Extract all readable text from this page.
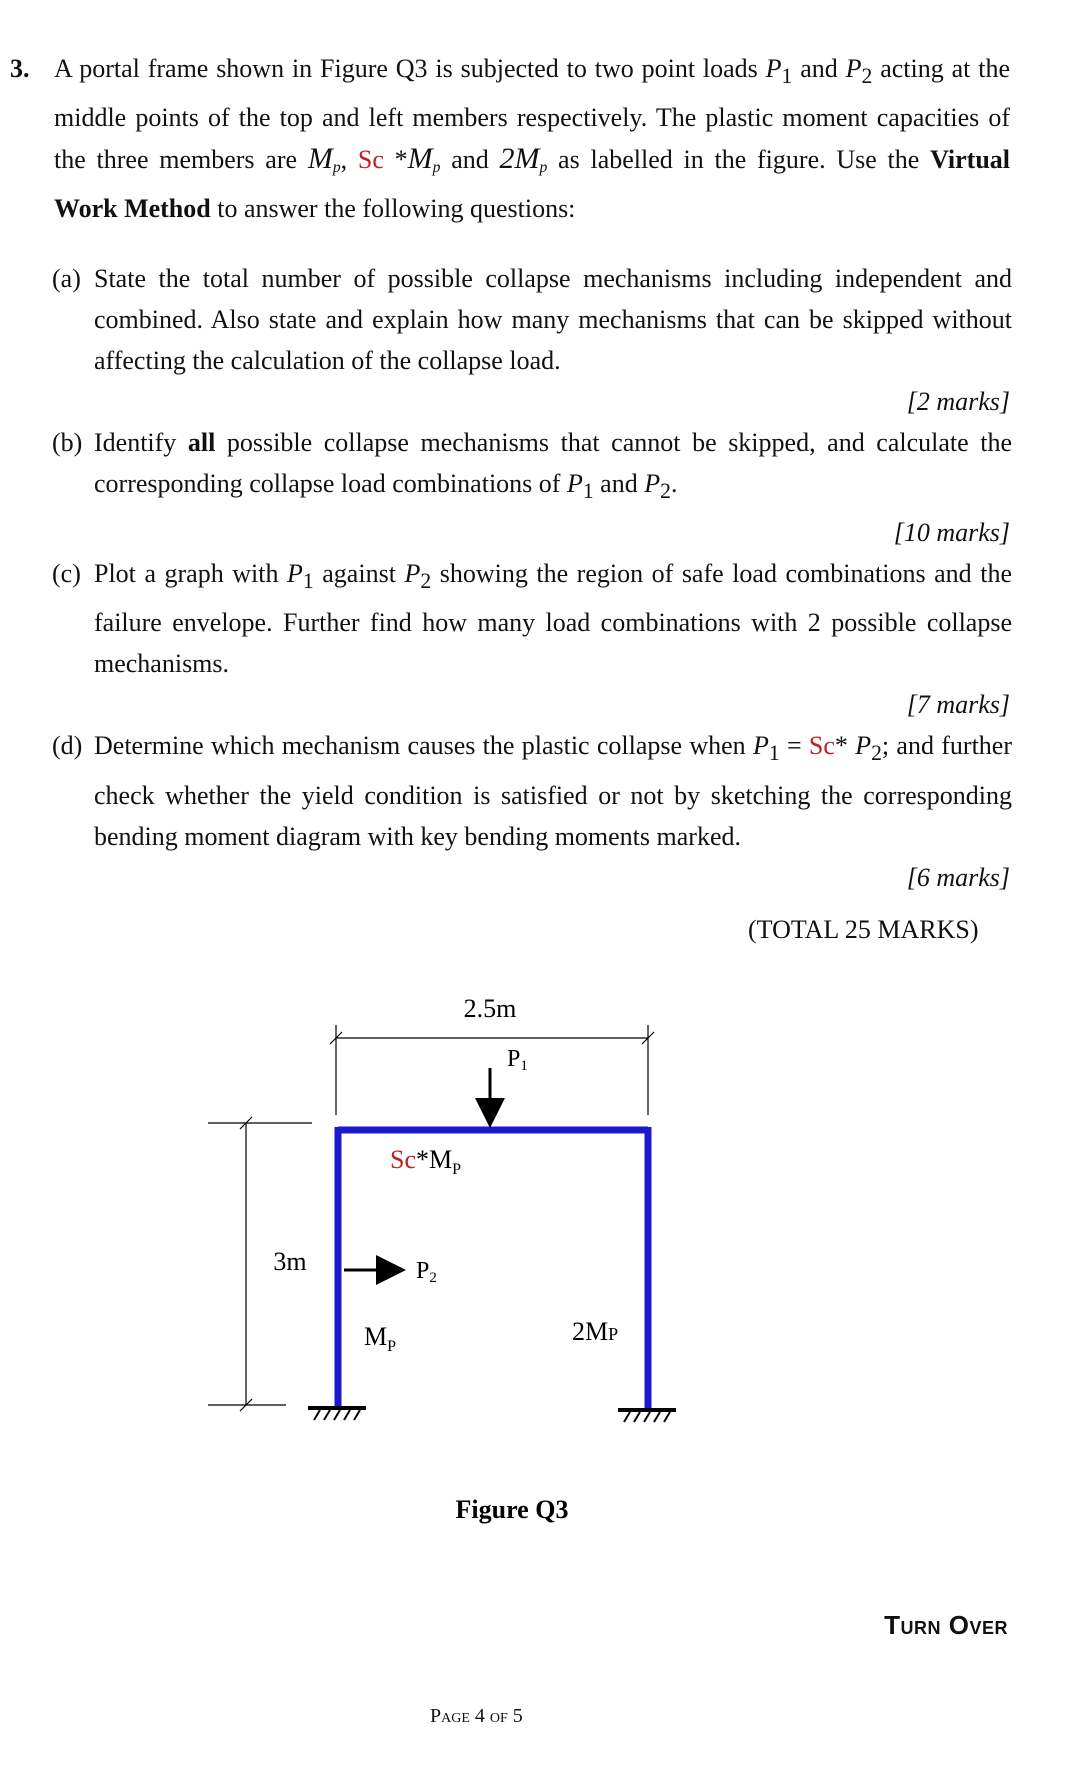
3. A portal frame shown in Figure Q3 is subjected to two point loads $P_1$ and $P_2$ acting at the middle points of the top and left members respectively. The plastic moment capacities of the three members are $M_p$, Sc $*M_p$ and $2M_p$ as labelled in the figure. Use the Virtual Work Method to answer the following questions:
(a) State the total number of possible collapse mechanisms including independent and combined. Also state and explain how many mechanisms that can be skipped without affecting the calculation of the collapse load.
[2 marks]
(b) Identify all possible collapse mechanisms that cannot be skipped, and calculate the corresponding collapse load combinations of $P_1$ and $P_2$.
[10 marks]
(c) Plot a graph with $P_1$ against $P_2$ showing the region of safe load combinations and the failure envelope. Further find how many load combinations with 2 possible collapse mechanisms.
[7 marks]
(d) Determine which mechanism causes the plastic collapse when $P_1 = Sc*$ $P_2$; and further check whether the yield condition is satisfied or not by sketching the corresponding bending moment diagram with key bending moments marked.
[6 marks]
(TOTAL 25 MARKS)
2.5m
3m
P1
P2
$Sc*M_P$
$M_P$
2MP
Figure Q3
Turn Over
Page 4 of 5
